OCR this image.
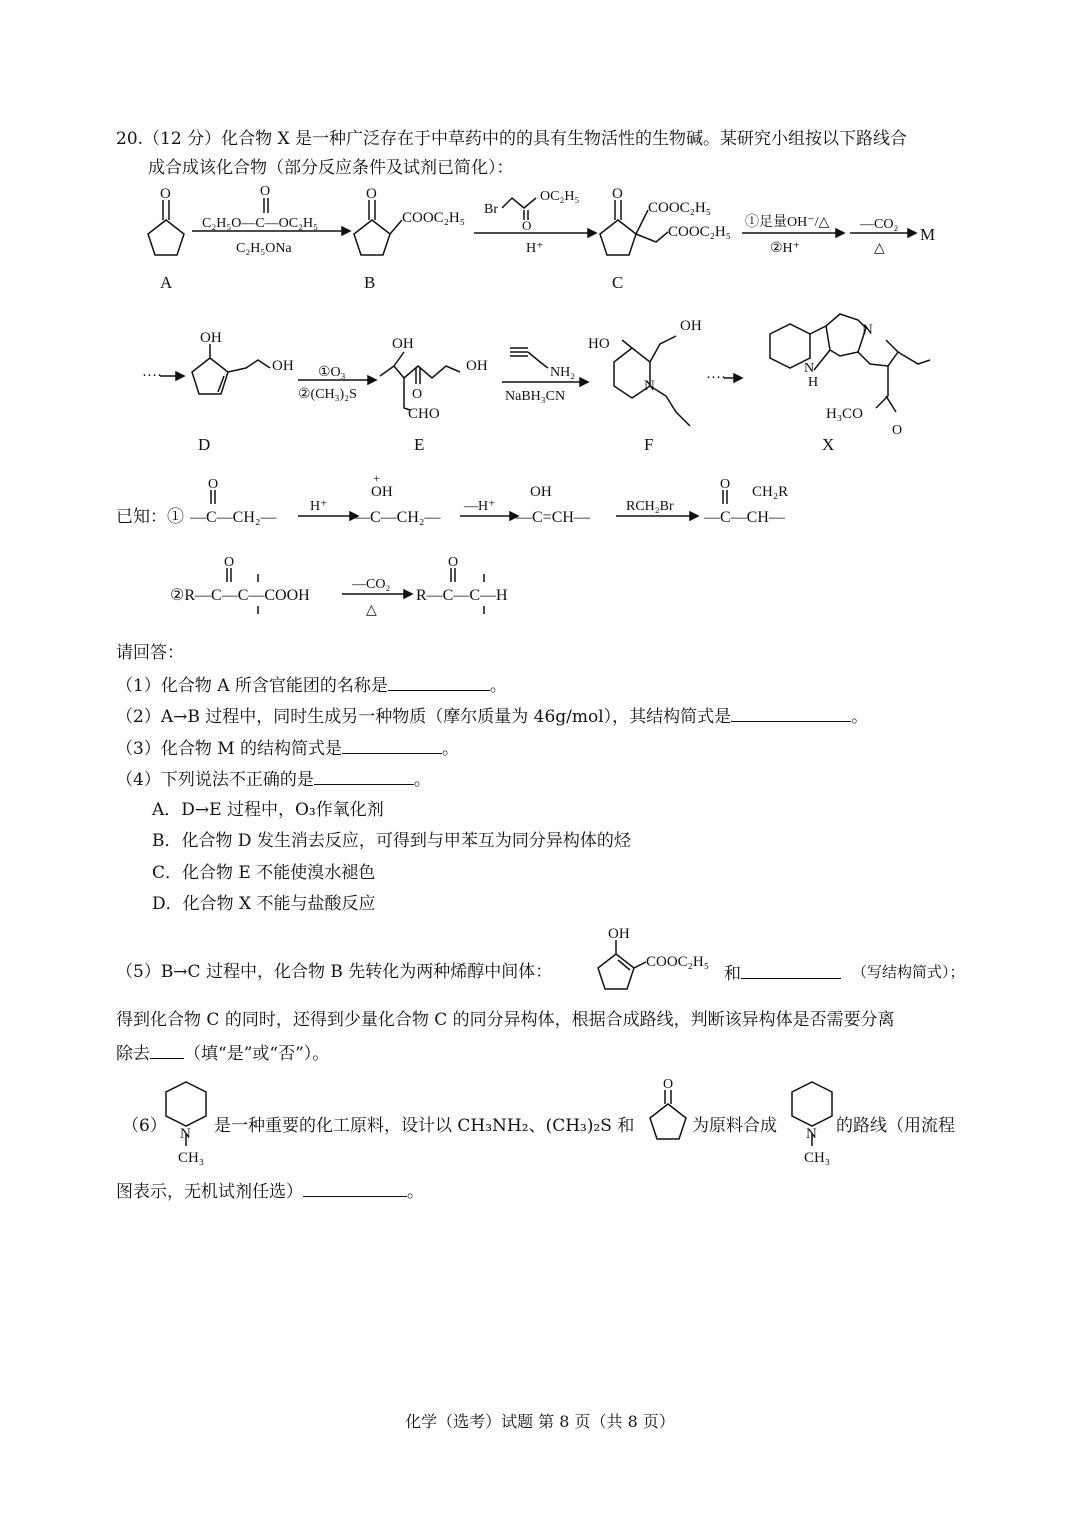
20.（12 分）化合物 X 是一种广泛存在于中草药中的的具有生物活性的生物碱。某研究小组按以下路线合
成合成该化合物（部分反应条件及试剂已简化）：
O
A
C₂H₅O—C—OC₂H₅
O
C₂H₅ONa
O
COOC₂H₅
B
Br
O
OC₂H₅
H⁺
O
COOC₂H₅
COOC₂H₅
C
①足量OH⁻/△
②H⁺
—CO₂
△
M
····
OH
OH
D
①O₃
②(CH₃)₂S
OH
OH
O
CHO
E
NH₂
NaBH₃CN
HO
OH
N
F
····
N
N
H
H₃CO
O
X
已知：① —C—CH₂—
O
H⁺
—C—CH₂—
OH
+
—H⁺
—C=CH—
OH
RCH₂Br
—C—CH—
O CH₂R
②R—C—C—COOH
O
—CO₂
△
R—C—C—H
O
请回答：
（1）化合物 A 所含官能团的名称是	。
（2）A→B 过程中，同时生成另一种物质（摩尔质量为 46g/mol），其结构简式是	。
（3）化合物 M 的结构简式是	。
（4）下列说法不正确的是	。
A．D→E 过程中，O₃作氧化剂
B．化合物 D 发生消去反应，可得到与甲苯互为同分异构体的烃
C．化合物 E 不能使溴水褪色
D．化合物 X 不能与盐酸反应
（5）B→C 过程中，化合物 B 先转化为两种烯醇中间体：
OH
COOC₂H₅
和	（写结构简式）；
得到化合物 C 的同时，还得到少量化合物 C 的同分异构体，根据合成路线，判断该异构体是否需要分离
除去 （填“是”或“否”）。
（6） N
CH₃
是一种重要的化工原料，设计以 CH₃NH₂、(CH₃)₂S 和
O
为原料合成 N
CH₃
的路线（用流程
图表示，无机试剂任选）	。
化学（选考）试题 第 8 页（共 8 页）
